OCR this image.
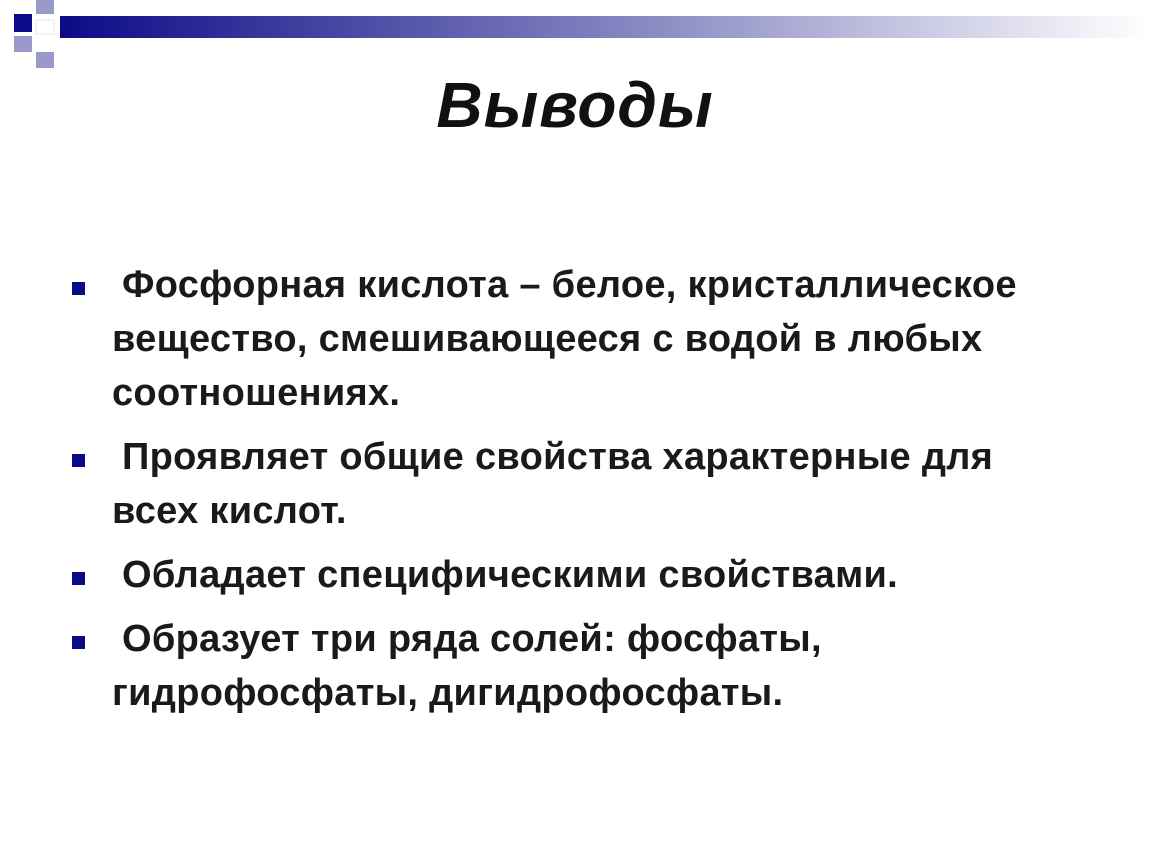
Выводы
Фосфорная кислота – белое, кристаллическое вещество, смешивающееся с водой в любых соотношениях.
Проявляет общие свойства характерные для всех кислот.
Обладает специфическими свойствами.
Образует три ряда солей: фосфаты, гидрофосфаты, дигидрофосфаты.
